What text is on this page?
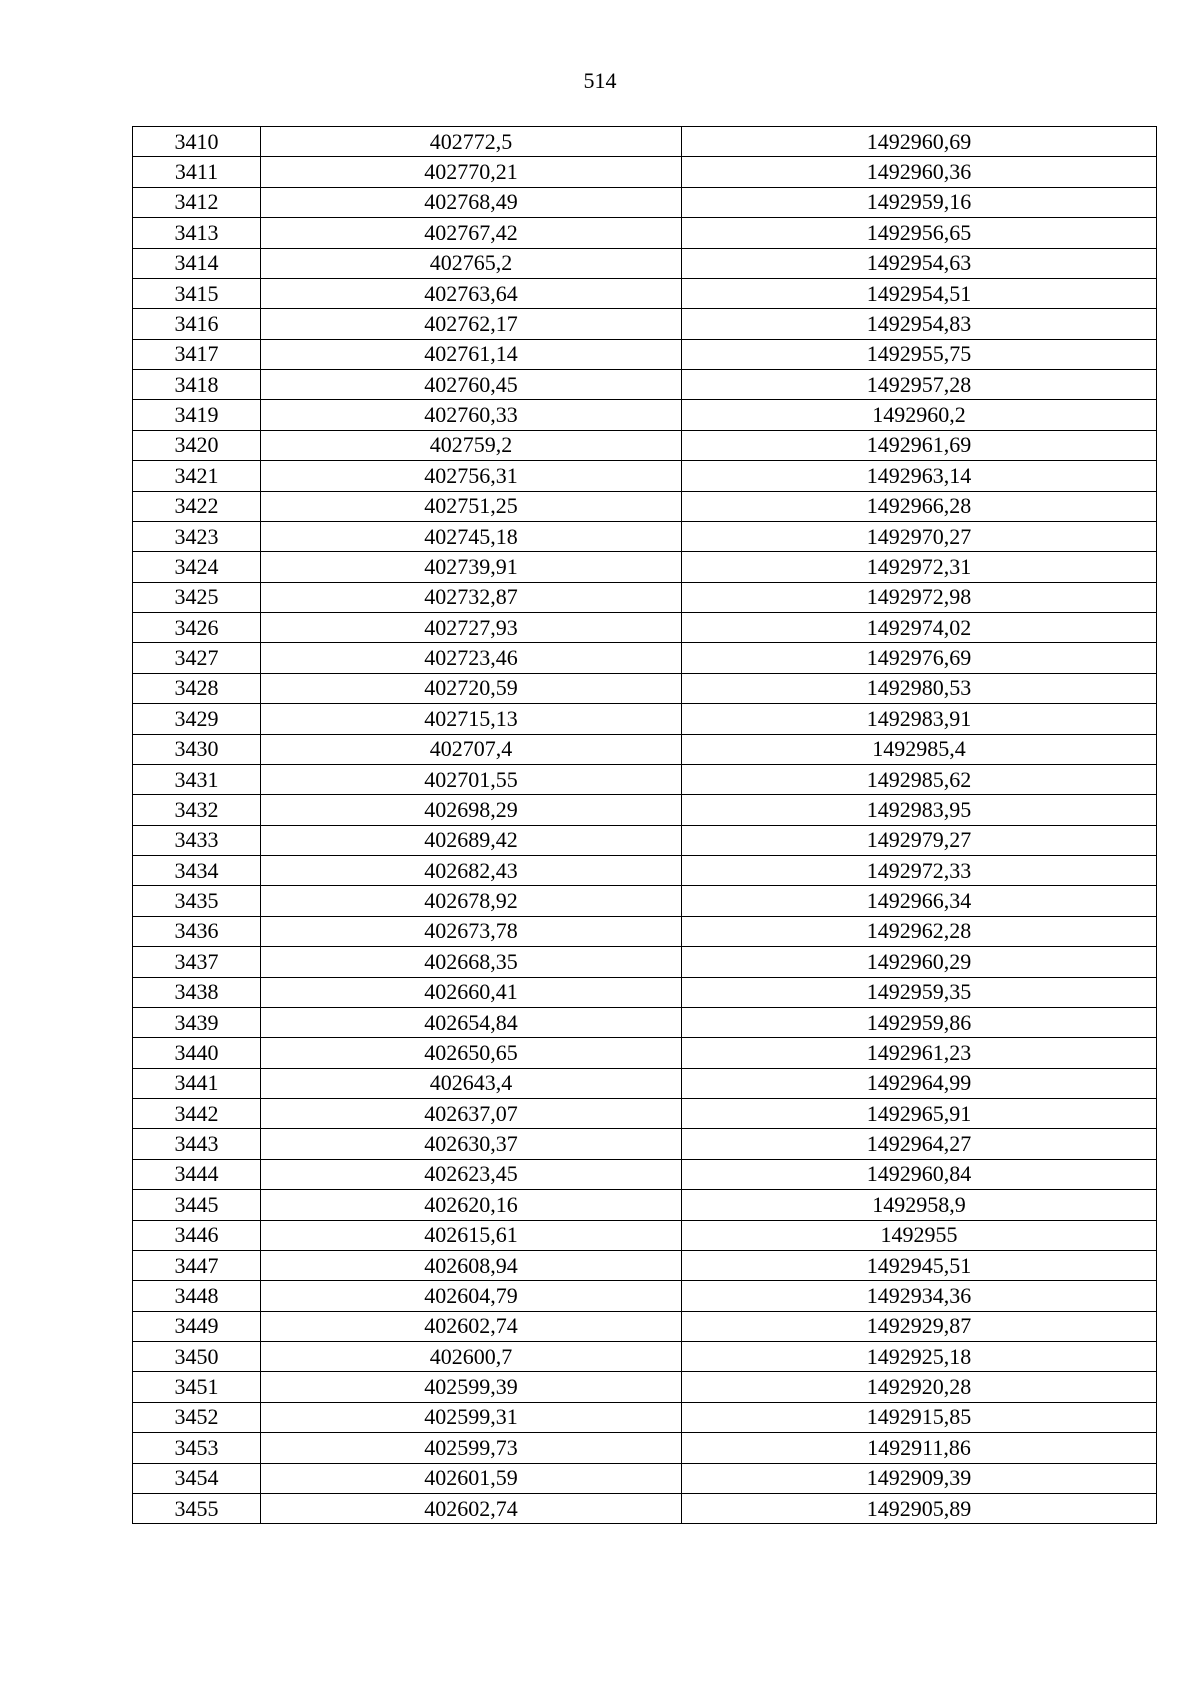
514
3410	402772,5	1492960,69
3411	402770,21	1492960,36
3412	402768,49	1492959,16
3413	402767,42	1492956,65
3414	402765,2	1492954,63
3415	402763,64	1492954,51
3416	402762,17	1492954,83
3417	402761,14	1492955,75
3418	402760,45	1492957,28
3419	402760,33	1492960,2
3420	402759,2	1492961,69
3421	402756,31	1492963,14
3422	402751,25	1492966,28
3423	402745,18	1492970,27
3424	402739,91	1492972,31
3425	402732,87	1492972,98
3426	402727,93	1492974,02
3427	402723,46	1492976,69
3428	402720,59	1492980,53
3429	402715,13	1492983,91
3430	402707,4	1492985,4
3431	402701,55	1492985,62
3432	402698,29	1492983,95
3433	402689,42	1492979,27
3434	402682,43	1492972,33
3435	402678,92	1492966,34
3436	402673,78	1492962,28
3437	402668,35	1492960,29
3438	402660,41	1492959,35
3439	402654,84	1492959,86
3440	402650,65	1492961,23
3441	402643,4	1492964,99
3442	402637,07	1492965,91
3443	402630,37	1492964,27
3444	402623,45	1492960,84
3445	402620,16	1492958,9
3446	402615,61	1492955
3447	402608,94	1492945,51
3448	402604,79	1492934,36
3449	402602,74	1492929,87
3450	402600,7	1492925,18
3451	402599,39	1492920,28
3452	402599,31	1492915,85
3453	402599,73	1492911,86
3454	402601,59	1492909,39
3455	402602,74	1492905,89
